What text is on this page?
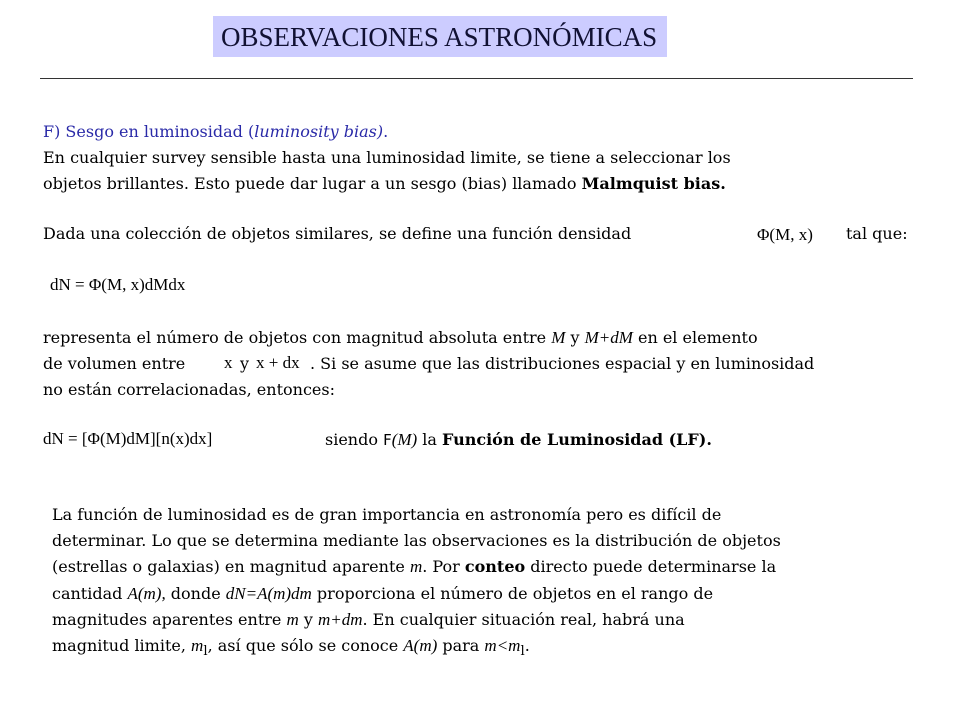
OBSERVACIONES ASTRONÓMICAS
F) Sesgo en luminosidad (luminosity bias).
En cualquier survey sensible hasta una luminosidad limite, se tiene a seleccionar los
objetos brillantes. Esto puede dar lugar a un sesgo (bias) llamado Malmquist bias.
Dada una colección de objetos similares, se define una función densidad	Φ(M, x) tal que:
dN = Φ(M, x)dMdx
representa el número de objetos con magnitud absoluta entre M y M+dM en el elemento
de volumen entre x y x + dx . Si se asume que las distribuciones espacial y en luminosidad
no están correlacionadas, entonces:
dN = [Φ(M)dM][n(x)dx]	siendo F(M) la Función de Luminosidad (LF).
La función de luminosidad es de gran importancia en astronomía pero es difícil de
determinar. Lo que se determina mediante las observaciones es la distribución de objetos
(estrellas o galaxias) en magnitud aparente m. Por conteo directo puede determinarse la
cantidad A(m), donde dN=A(m)dm proporciona el número de objetos en el rango de
magnitudes aparentes entre m y m+dm. En cualquier situación real, habrá una
magnitud limite, $m_l$, así que sólo se conoce A(m) para $m<m_l$.
